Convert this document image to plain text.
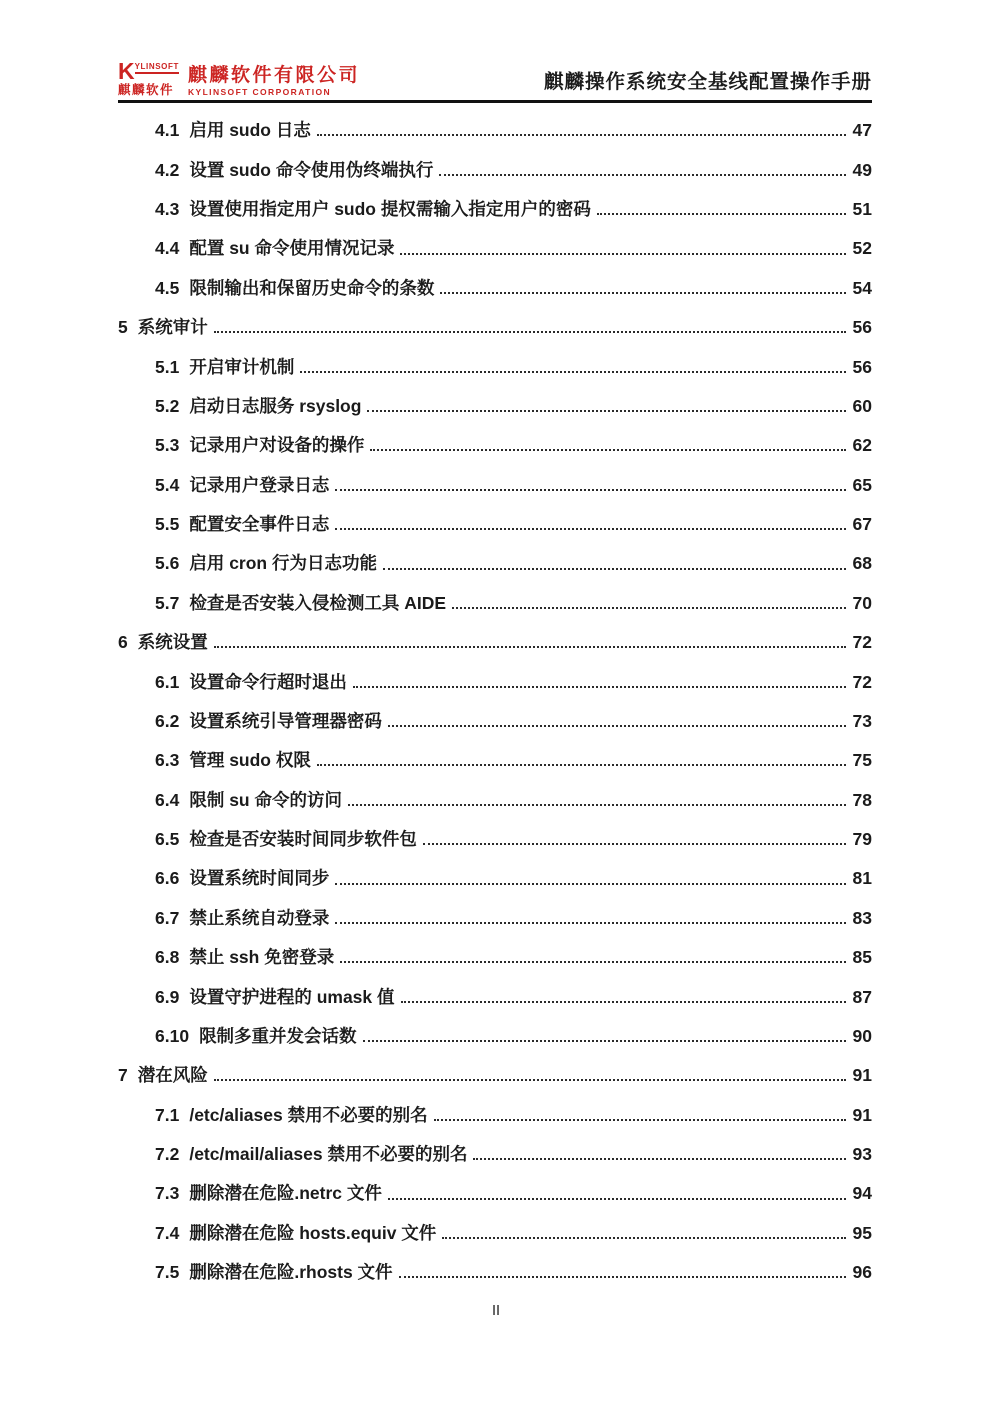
K YLINSOFT
麒麟软件
麒麟软件有限公司
KYLINSOFT CORPORATION	麒麟操作系统安全基线配置操作手册
4.1 启用 sudo 日志	47
4.2 设置 sudo 命令使用伪终端执行	49
4.3 设置使用指定用户 sudo 提权需输入指定用户的密码	51
4.4 配置 su 命令使用情况记录	52
4.5 限制输出和保留历史命令的条数	54
5 系统审计	56
5.1 开启审计机制	56
5.2 启动日志服务 rsyslog	60
5.3 记录用户对设备的操作	62
5.4 记录用户登录日志	65
5.5 配置安全事件日志	67
5.6 启用 cron 行为日志功能	68
5.7 检查是否安装入侵检测工具 AIDE	70
6 系统设置	72
6.1 设置命令行超时退出	72
6.2 设置系统引导管理器密码	73
6.3 管理 sudo 权限	75
6.4 限制 su 命令的访问	78
6.5 检查是否安装时间同步软件包	79
6.6 设置系统时间同步	81
6.7 禁止系统自动登录	83
6.8 禁止 ssh 免密登录	85
6.9 设置守护进程的 umask 值	87
6.10 限制多重并发会话数	90
7 潜在风险	91
7.1 /etc/aliases 禁用不必要的别名	91
7.2 /etc/mail/aliases 禁用不必要的别名	93
7.3 删除潜在危险.netrc 文件	94
7.4 删除潜在危险 hosts.equiv 文件	95
7.5 删除潜在危险.rhosts 文件	96
II
